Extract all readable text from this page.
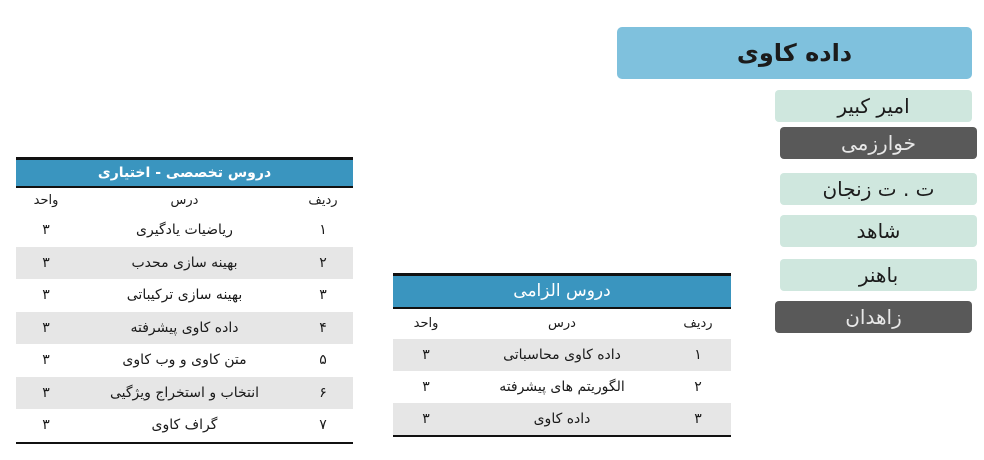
داده کاوی
امیر کبیر
خوارزمی
ت . ت زنجان
شاهد
باهنر
زاهدان
دروس تخصصی - اختیاری
ردیف
درس
واحد
۱
ریاضیات یادگیری
۳
۲
بهینه سازی محدب
۳
۳
بهینه سازی ترکیباتی
۳
۴
داده کاوی پیشرفته
۳
۵
متن کاوی و وب کاوی
۳
۶
انتخاب و استخراج ویژگیی
۳
۷
گراف کاوی
۳
دروس الزامی
ردیف
درس
واحد
۱
داده کاوی محاسباتی
۳
۲
الگوریتم های پیشرفته
۳
۳
داده کاوی
۳
